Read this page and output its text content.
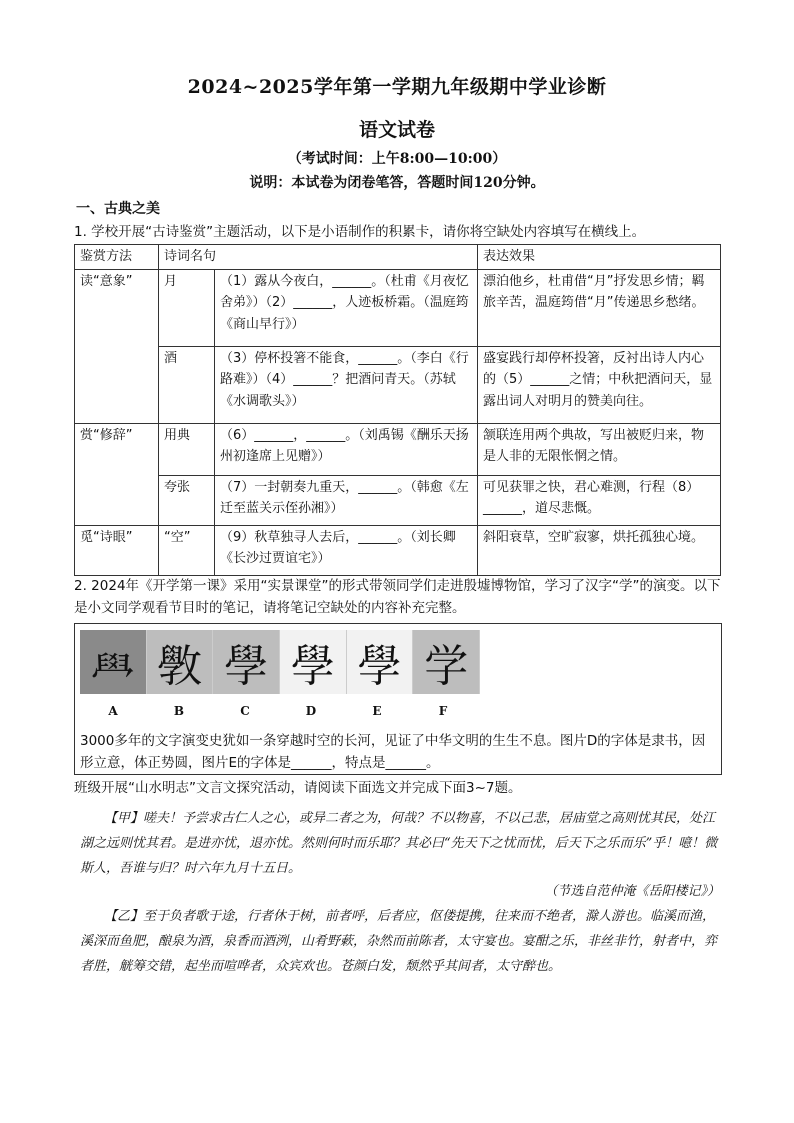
2024~2025学年第一学期九年级期中学业诊断
语文试卷
（考试时间：上午8:00—10:00）
说明：本试卷为闭卷笔答，答题时间120分钟。
一、古典之美
1. 学校开展“古诗鉴赏”主题活动，以下是小语制作的积累卡，请你将空缺处内容填写在横线上。
鉴赏方法	诗词名句		表达效果
读“意象”	月	（1）露从今夜白，______。（杜甫《月夜忆舍弟》）（2）______，人迹板桥霜。（温庭筠《商山早行》）	漂泊他乡，杜甫借“月”抒发思乡情；羁旅辛苦，温庭筠借“月”传递思乡愁绪。
	酒	（3）停杯投箸不能食，______。（李白《行路难》）（4）______？把酒问青天。（苏轼《水调歌头》）	盛宴践行却停杯投箸，反衬出诗人内心的（5）______之情；中秋把酒问天，显露出词人对明月的赞美向往。
赏“修辞”	用典	（6）______，______。（刘禹锡《酬乐天扬州初逢席上见赠》）	颔联连用两个典故，写出被贬归来，物是人非的无限怅惘之情。
	夸张	（7）一封朝奏九重天，______。（韩愈《左迁至蓝关示侄孙湘》）	可见获罪之快，君心难测，行程（8）______，道尽悲慨。
觅“诗眼”	“空”	（9）秋草独寻人去后，______。（刘长卿《长沙过贾谊宅》）	斜阳衰草，空旷寂寥，烘托孤独心境。
2. 2024年《开学第一课》采用“实景课堂”的形式带领同学们走进殷墟博物馆，学习了汉字“学”的演变。以下是小文同学观看节目时的笔记，请将笔记空缺处的内容补充完整。
𦥯 斆 學 學 學 学
A	B	C	D	E	F
3000多年的文字演变史犹如一条穿越时空的长河，见证了中华文明的生生不息。图片D的字体是隶书，因形立意，体正势圆，图片E的字体是______，特点是______。
班级开展“山水明志”文言文探究活动，请阅读下面选文并完成下面3~7题。
【甲】嗟夫！予尝求古仁人之心，或异二者之为，何哉？不以物喜，不以己悲，居庙堂之高则忧其民，处江湖之远则忧其君。是进亦忧，退亦忧。然则何时而乐耶？其必曰“先天下之忧而忧，后天下之乐而乐”乎！噫！微斯人，吾谁与归？时六年九月十五日。
（节选自范仲淹《岳阳楼记》）
【乙】至于负者歌于途，行者休于树，前者呼，后者应，伛偻提携，往来而不绝者，滁人游也。临溪而渔，溪深而鱼肥，酿泉为酒，泉香而酒洌，山肴野蔌，杂然而前陈者，太守宴也。宴酣之乐，非丝非竹，射者中，弈者胜，觥筹交错，起坐而喧哗者，众宾欢也。苍颜白发，颓然乎其间者，太守醉也。
